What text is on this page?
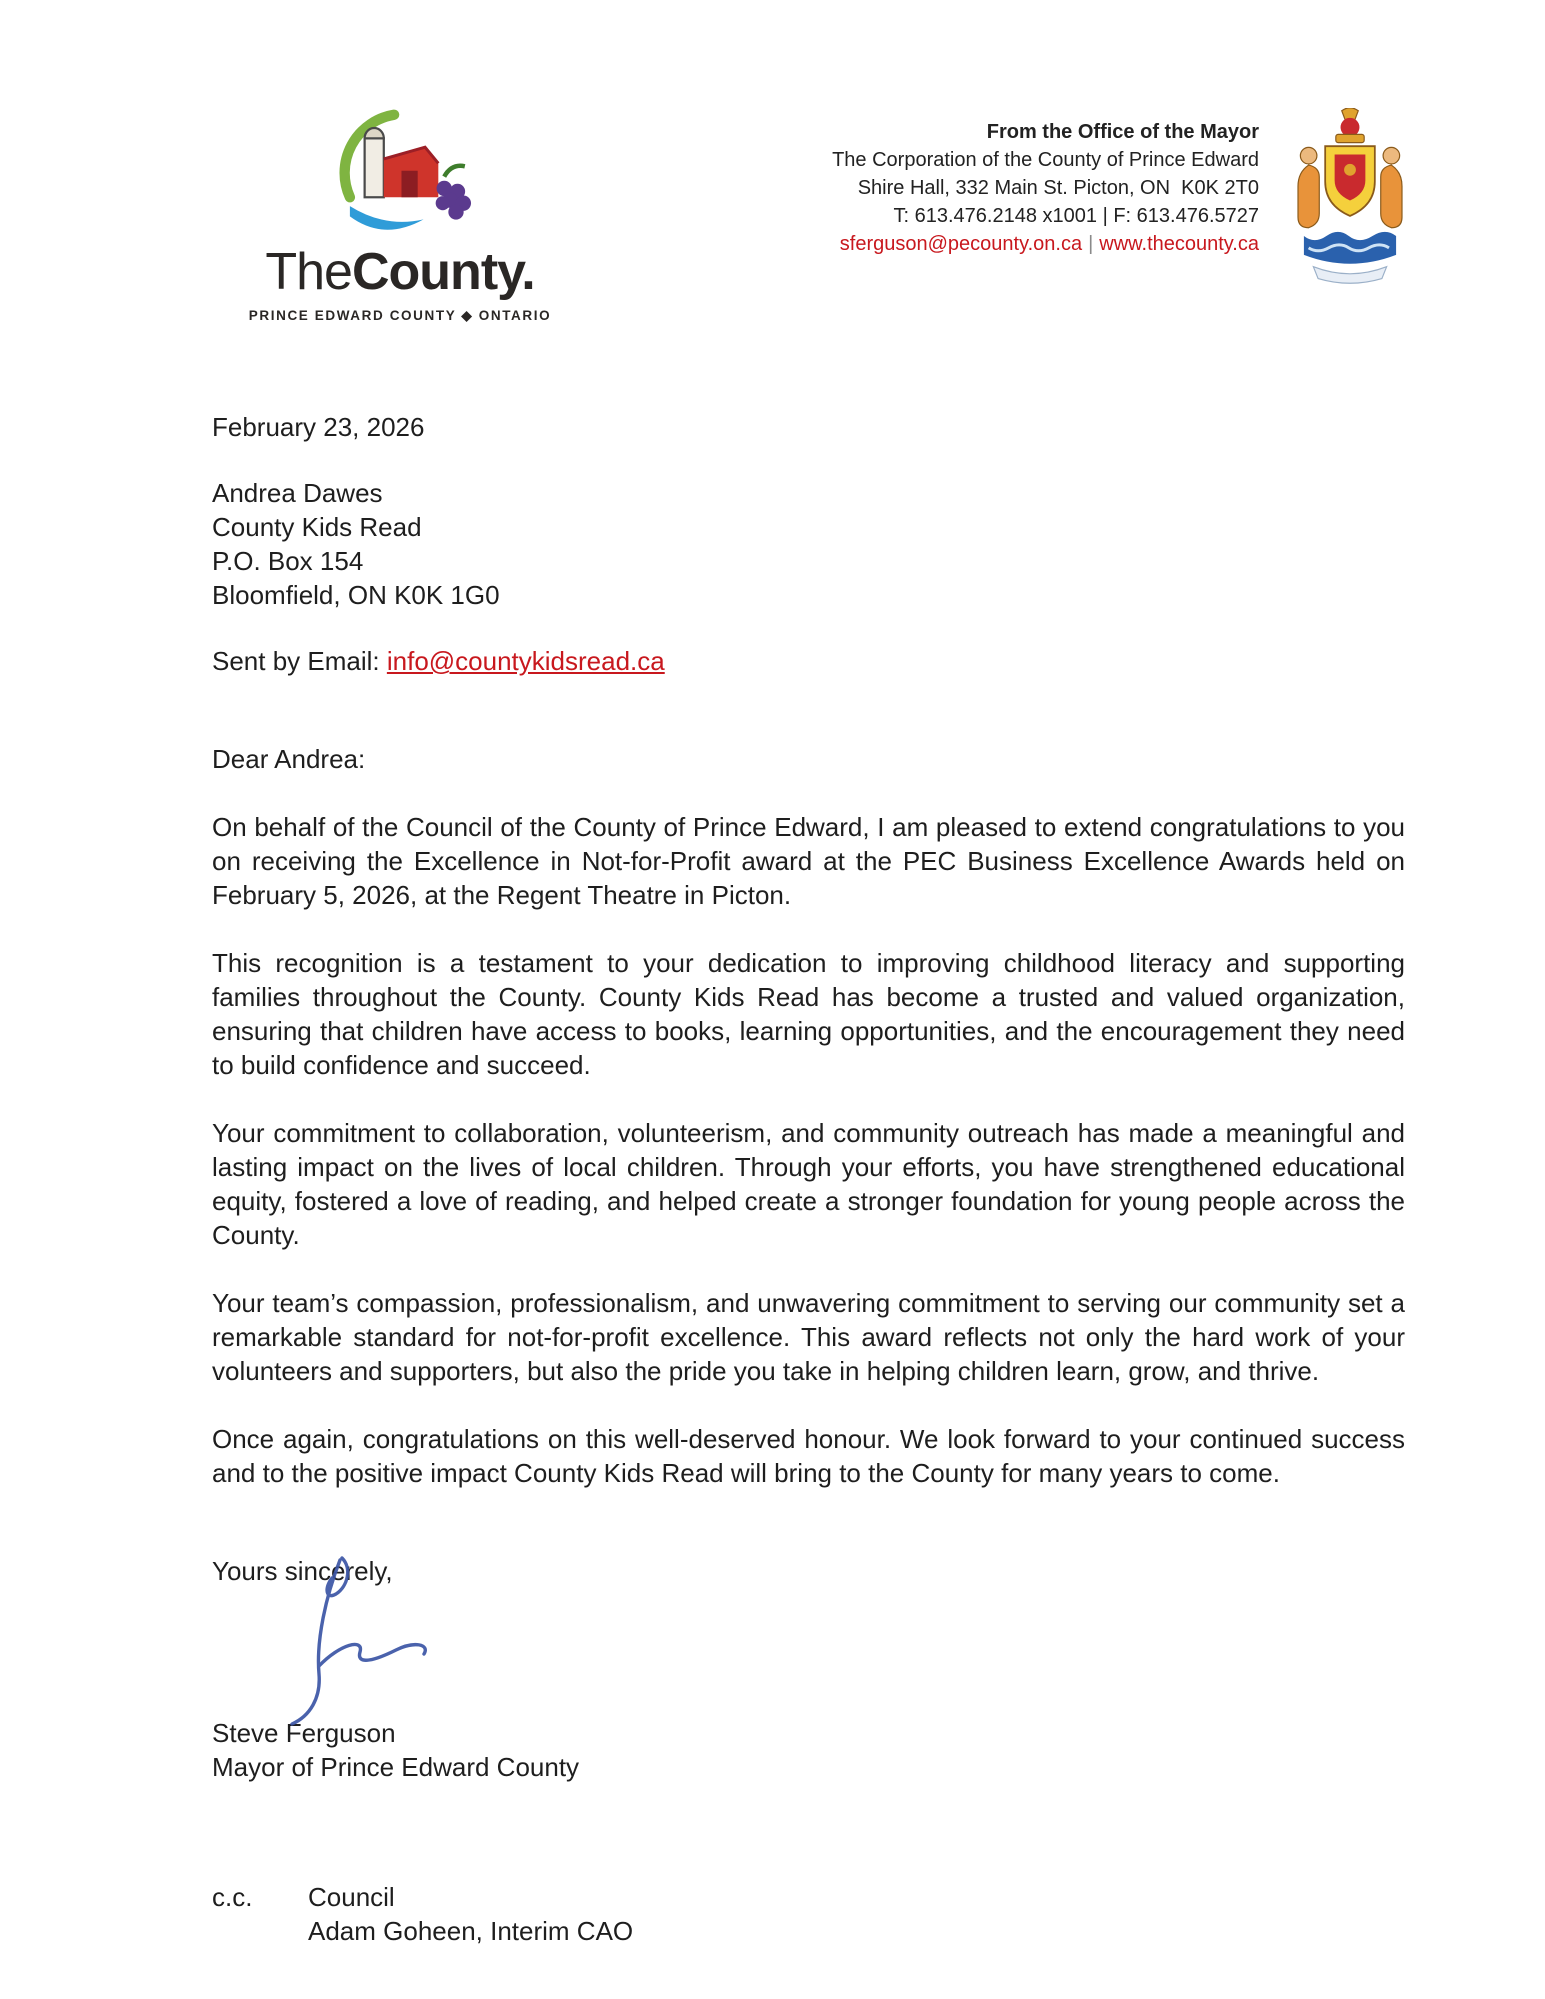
TheCounty.
PRINCE EDWARD COUNTY ◆ ONTARIO
From the Office of the Mayor
The Corporation of the County of Prince Edward
Shire Hall, 332 Main St. Picton, ON  K0K 2T0
T: 613.476.2148 x1001 | F: 613.476.5727
sferguson@pecounty.on.ca | www.thecounty.ca

February 23, 2026

Andrea Dawes
County Kids Read
P.O. Box 154
Bloomfield, ON K0K 1G0

Sent by Email: info@countykidsread.ca

Dear Andrea:

On behalf of the Council of the County of Prince Edward, I am pleased to extend congratulations to you on receiving the Excellence in Not-for-Profit award at the PEC Business Excellence Awards held on February 5, 2026, at the Regent Theatre in Picton.

This recognition is a testament to your dedication to improving childhood literacy and supporting families throughout the County. County Kids Read has become a trusted and valued organization, ensuring that children have access to books, learning opportunities, and the encouragement they need to build confidence and succeed.

Your commitment to collaboration, volunteerism, and community outreach has made a meaningful and lasting impact on the lives of local children. Through your efforts, you have strengthened educational equity, fostered a love of reading, and helped create a stronger foundation for young people across the County.

Your team’s compassion, professionalism, and unwavering commitment to serving our community set a remarkable standard for not-for-profit excellence. This award reflects not only the hard work of your volunteers and supporters, but also the pride you take in helping children learn, grow, and thrive.

Once again, congratulations on this well-deserved honour. We look forward to your continued success and to the positive impact County Kids Read will bring to the County for many years to come.

Yours sincerely,

Steve Ferguson
Mayor of Prince Edward County
c.c.	Council
Adam Goheen, Interim CAO
